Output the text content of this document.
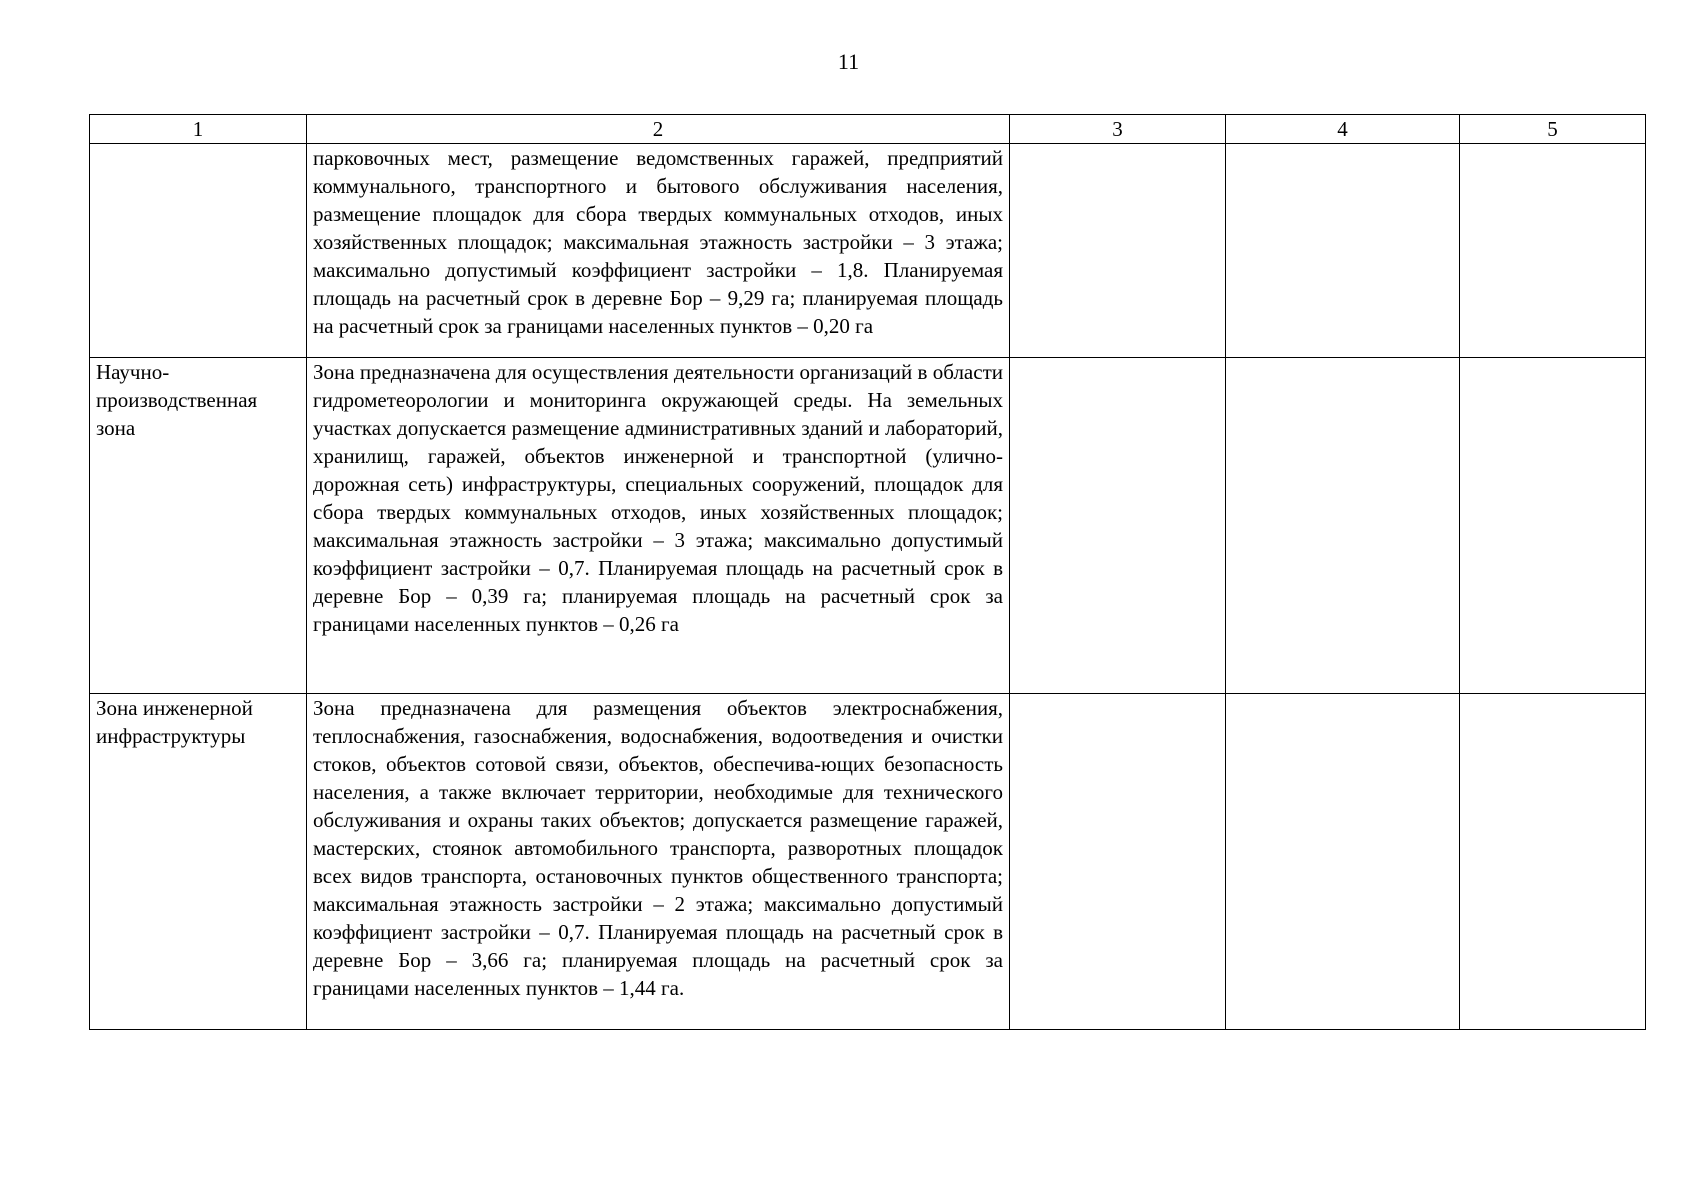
11
1	2	3	4	5
	парковочных мест, размещение ведомственных гаражей, предприятий коммунального, транспортного и бытового обслуживания населения, размещение площадок для сбора твердых коммунальных отходов, иных хозяйственных площадок; максимальная этажность застройки – 3 этажа; максимально допустимый коэффициент застройки – 1,8. Планируемая площадь на расчетный срок в деревне Бор – 9,29 га; планируемая площадь на расчетный срок за границами населенных пунктов – 0,20 га			
Научно-производственная зона	Зона предназначена для осуществления деятельности организаций в области гидрометеорологии и мониторинга окружающей среды. На земельных участках допускается размещение административных зданий и лабораторий, хранилищ, гаражей, объектов инженерной и транспортной (улично-дорожная сеть) инфраструктуры, специальных сооружений, площадок для сбора твердых коммунальных отходов, иных хозяйственных площадок; максимальная этажность застройки – 3 этажа; максимально допустимый коэффициент застройки – 0,7. Планируемая площадь на расчетный срок в деревне Бор – 0,39 га; планируемая площадь на расчетный срок за границами населенных пунктов – 0,26 га			
Зона инженерной инфраструктуры	Зона предназначена для размещения объектов электроснабжения, теплоснабжения, газоснабжения, водоснабжения, водоотведения и очистки стоков, объектов сотовой связи, объектов, обеспечива-ющих безопасность населения, а также включает территории, необходимые для технического обслуживания и охраны таких объектов; допускается размещение гаражей, мастерских, стоянок автомобильного транспорта, разворотных площадок всех видов транспорта, остановочных пунктов общественного транспорта; максимальная этажность застройки – 2 этажа; максимально допустимый коэффициент застройки – 0,7. Планируемая площадь на расчетный срок в деревне Бор – 3,66 га; планируемая площадь на расчетный срок за границами населенных пунктов – 1,44 га.			
